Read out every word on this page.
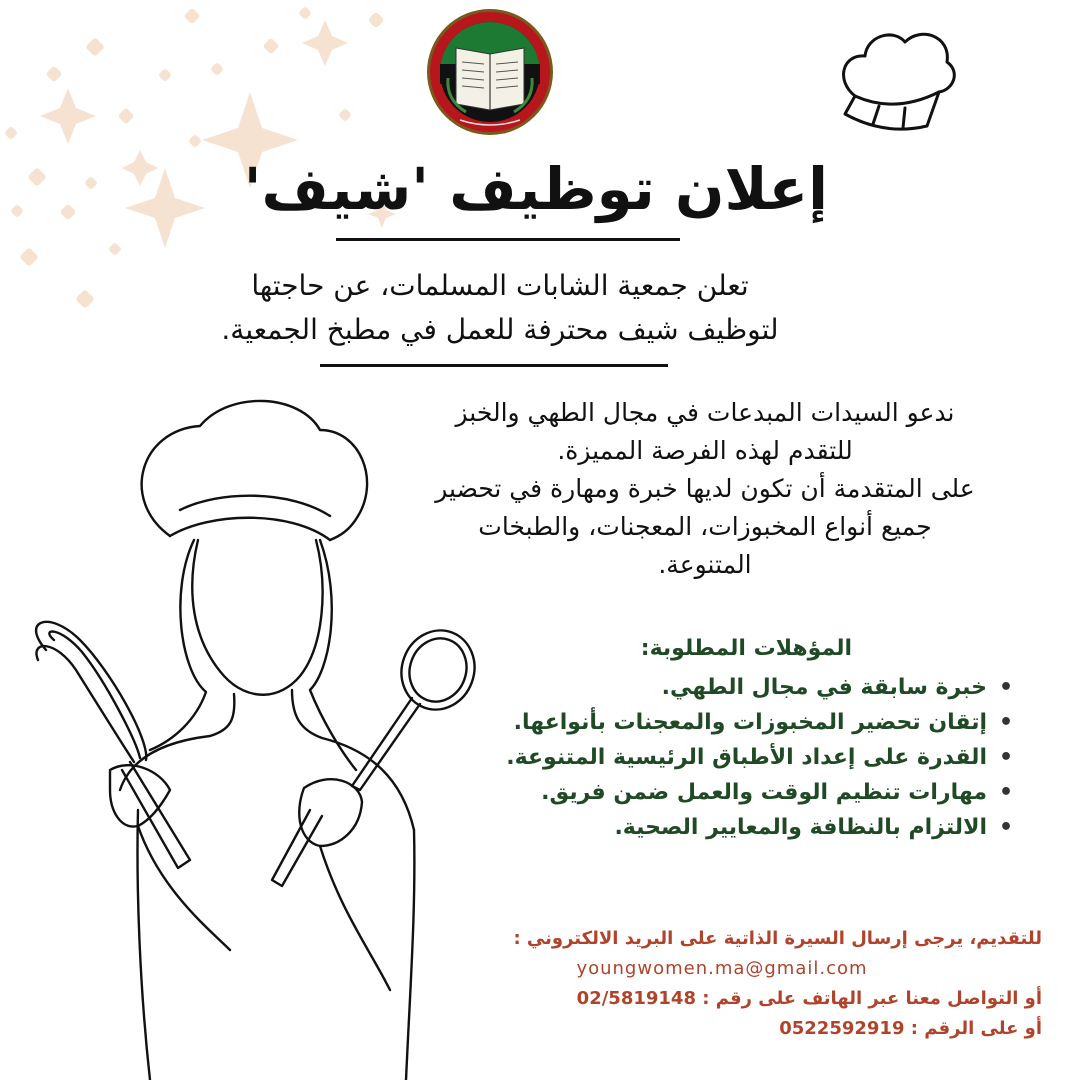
إعلان توظيف 'شيف'
تعلن جمعية الشابات المسلمات، عن حاجتها
لتوظيف شيف محترفة للعمل في مطبخ الجمعية.
ندعو السيدات المبدعات في مجال الطهي والخبز
للتقدم لهذه الفرصة المميزة.
على المتقدمة أن تكون لديها خبرة ومهارة في تحضير
جميع أنواع المخبوزات، المعجنات، والطبخات
المتنوعة.
المؤهلات المطلوبة:
•
خبرة سابقة في مجال الطهي.
•
إتقان تحضير المخبوزات والمعجنات بأنواعها.
•
القدرة على إعداد الأطباق الرئيسية المتنوعة.
•
مهارات تنظيم الوقت والعمل ضمن فريق.
•
الالتزام بالنظافة والمعايير الصحية.
للتقديم، يرجى إرسال السيرة الذاتية على البريد الالكتروني :
youngwomen.ma@gmail.com
أو التواصل معنا عبر الهاتف على رقم : 02/5819148
أو على الرقم : 0522592919
